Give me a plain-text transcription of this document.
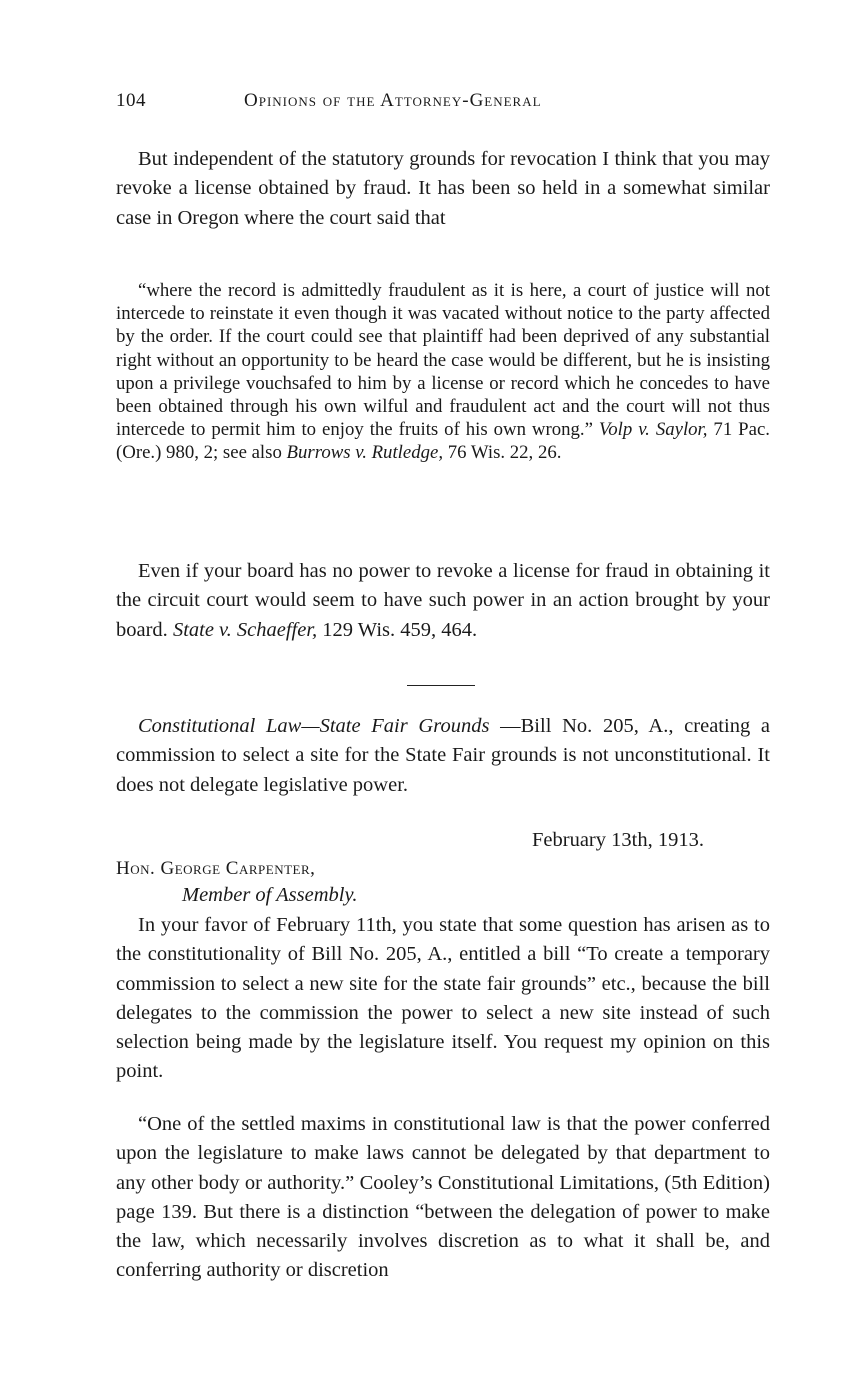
104	Opinions of the Attorney-General
But independent of the statutory grounds for revocation I think that you may revoke a license obtained by fraud. It has been so held in a somewhat similar case in Oregon where the court said that
“where the record is admittedly fraudulent as it is here, a court of justice will not intercede to reinstate it even though it was vacated without notice to the party affected by the order. If the court could see that plaintiff had been deprived of any substantial right without an opportunity to be heard the case would be different, but he is insisting upon a privilege vouchsafed to him by a license or record which he concedes to have been obtained through his own wilful and fraudulent act and the court will not thus intercede to permit him to enjoy the fruits of his own wrong.” Volp v. Saylor, 71 Pac. (Ore.) 980, 2; see also Burrows v. Rutledge, 76 Wis. 22, 26.
Even if your board has no power to revoke a license for fraud in obtaining it the circuit court would seem to have such power in an action brought by your board. State v. Schaeffer, 129 Wis. 459, 464.
Constitutional Law—State Fair Grounds —Bill No. 205, A., creating a commission to select a site for the State Fair grounds is not unconstitutional. It does not delegate legislative power.
February 13th, 1913.
Hon. George Carpenter,
Member of Assembly.
In your favor of February 11th, you state that some question has arisen as to the constitutionality of Bill No. 205, A., entitled a bill “To create a temporary commission to select a new site for the state fair grounds” etc., because the bill delegates to the commission the power to select a new site instead of such selection being made by the legislature itself. You request my opinion on this point.
“One of the settled maxims in constitutional law is that the power conferred upon the legislature to make laws cannot be delegated by that department to any other body or authority.” Cooley’s Constitutional Limitations, (5th Edition) page 139. But there is a distinction “between the delegation of power to make the law, which necessarily involves discretion as to what it shall be, and conferring authority or discretion
